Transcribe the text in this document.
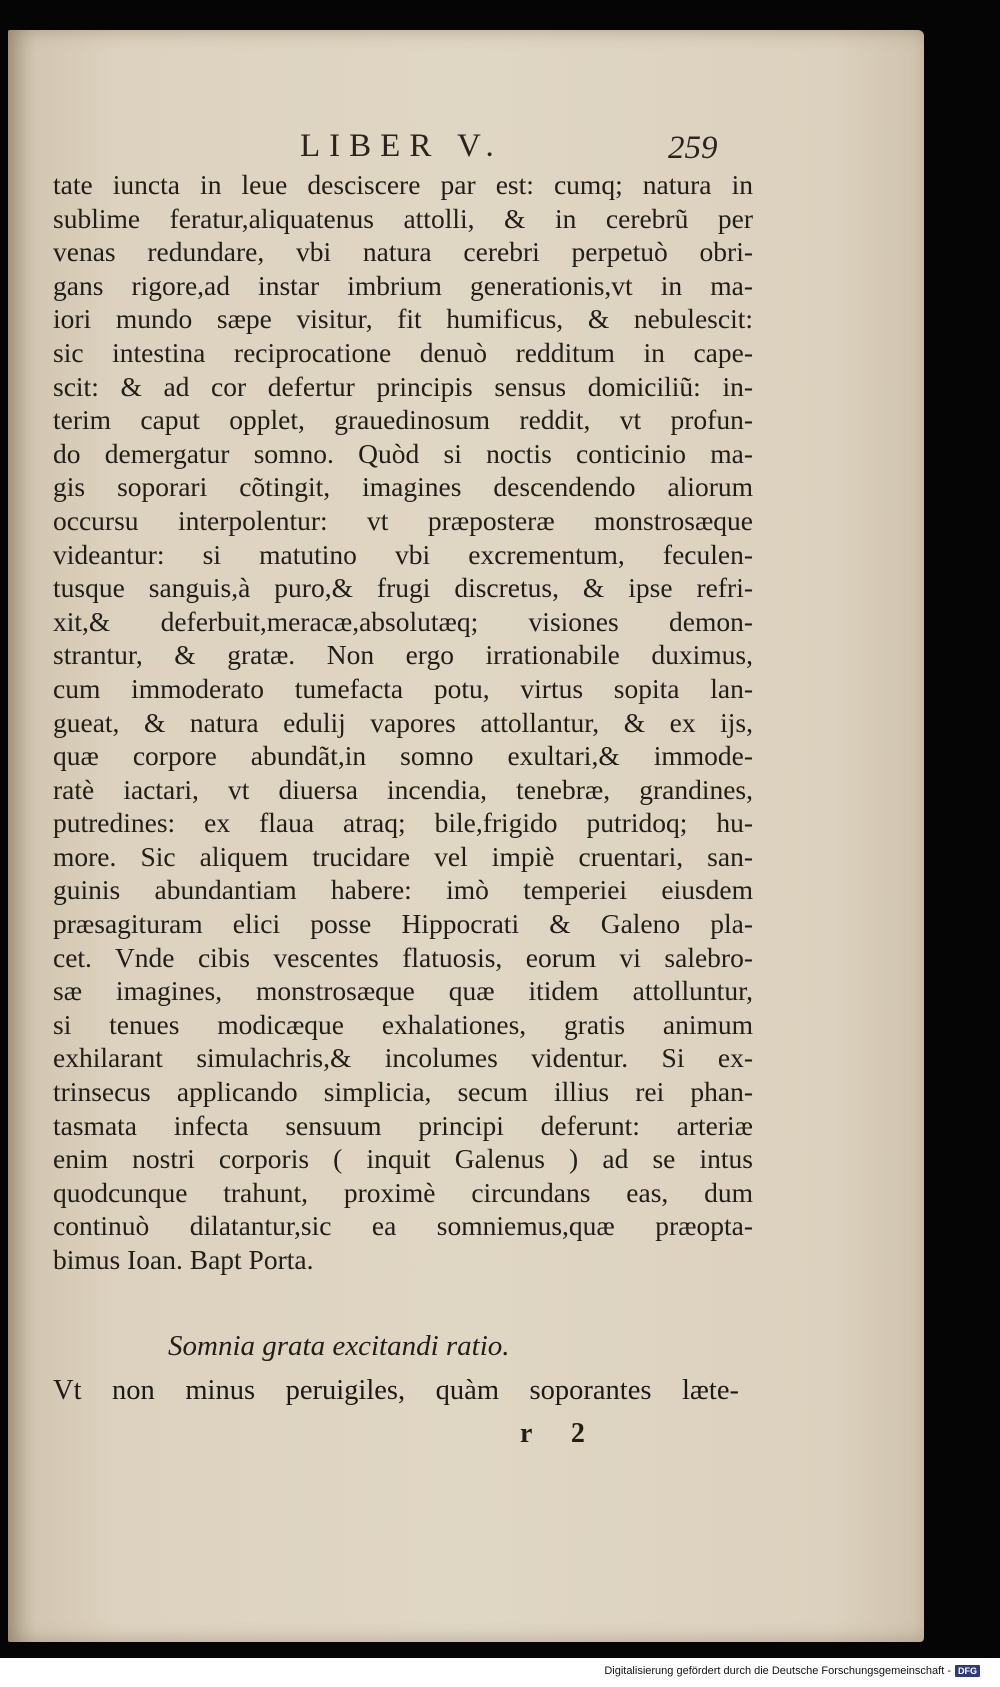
LIBER V.	259
tate iuncta in leue desciscere par est: cumq; natura in
sublime feratur,aliquatenus attolli, & in cerebrũ per
venas redundare, vbi natura cerebri perpetuò obri-
gans rigore,ad instar imbrium generationis,vt in ma-
iori mundo sæpe visitur, fit humificus, & nebulescit:
sic intestina reciprocatione denuò redditum in cape-
scit: & ad cor defertur principis sensus domiciliũ: in-
terim caput opplet, grauedinosum reddit, vt profun-
do demergatur somno. Quòd si noctis conticinio ma-
gis soporari cõtingit, imagines descendendo aliorum
occursu interpolentur: vt præposteræ monstrosæque
videantur: si matutino vbi excrementum, feculen-
tusque sanguis,à puro,& frugi discretus, & ipse refri-
xit,& deferbuit,meracæ,absolutæq; visiones demon-
strantur, & gratæ. Non ergo irrationabile duximus,
cum immoderato tumefacta potu, virtus sopita lan-
gueat, & natura edulij vapores attollantur, & ex ijs,
quæ corpore abundãt,in somno exultari,& immode-
ratè iactari, vt diuersa incendia, tenebræ, grandines,
putredines: ex flaua atraq; bile,frigido putridoq; hu-
more. Sic aliquem trucidare vel impiè cruentari, san-
guinis abundantiam habere: imò temperiei eiusdem
præsagituram elici posse Hippocrati & Galeno pla-
cet. Vnde cibis vescentes flatuosis, eorum vi salebro-
sæ imagines, monstrosæque quæ itidem attolluntur,
si tenues modicæque exhalationes, gratis animum
exhilarant simulachris,& incolumes videntur. Si ex-
trinsecus applicando simplicia, secum illius rei phan-
tasmata infecta sensuum principi deferunt: arteriæ
enim nostri corporis ( inquit Galenus ) ad se intus
quodcunque trahunt, proximè circundans eas, dum
continuò dilatantur,sic ea somniemus,quæ præopta-
bimus Ioan. Bapt Porta.
Somnia grata excitandi ratio.
Vt non minus peruigiles, quàm soporantes læte-
r 2
Digitalisierung gefördert durch die Deutsche Forschungsgemeinschaft - DFG
